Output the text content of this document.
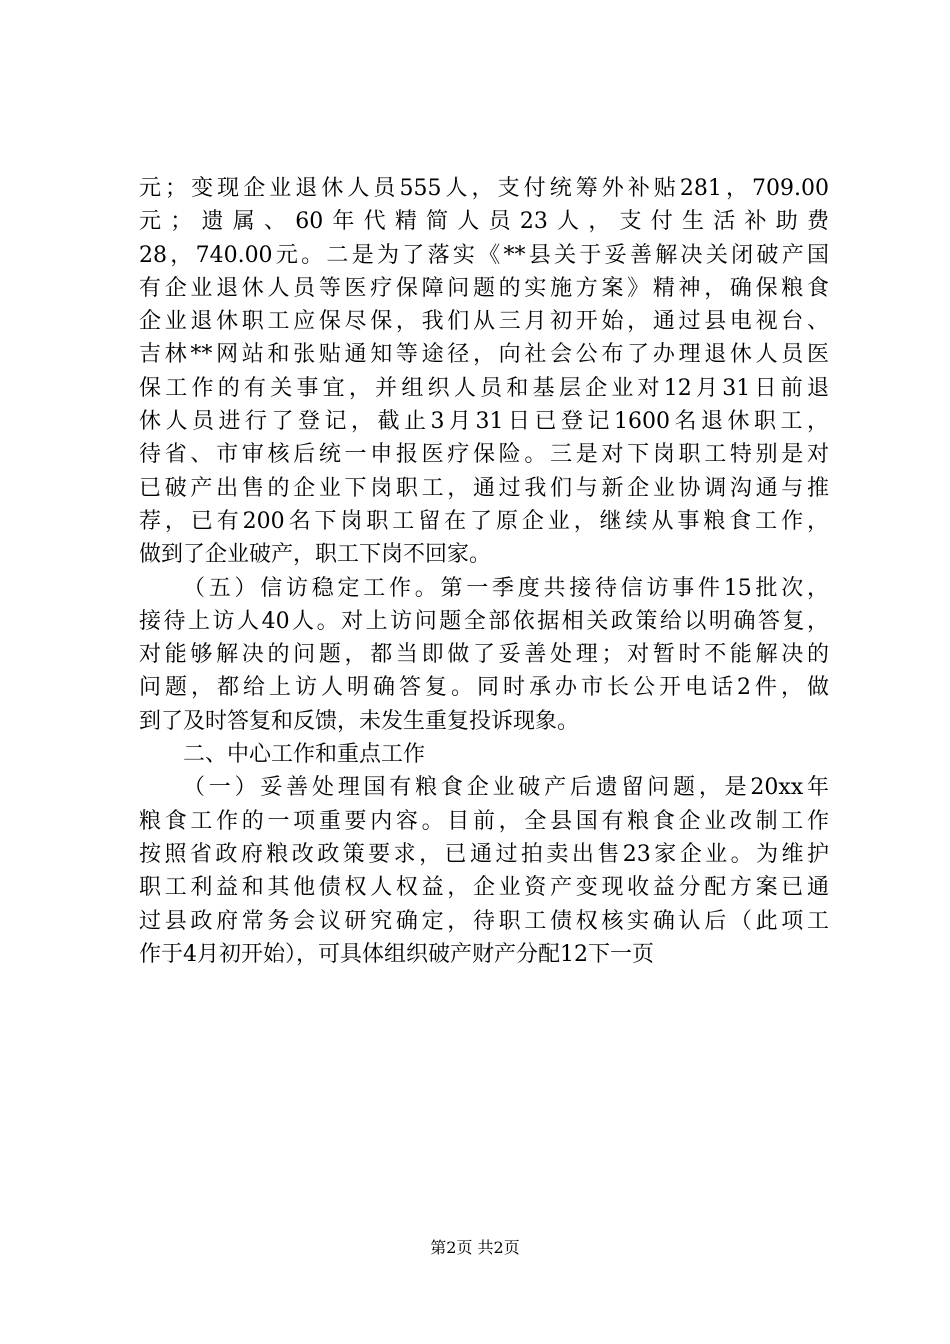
元；变现企业退休人员555人，支付统筹外补贴281，709.00
元；遗属、60年代精简人员23人，支付生活补助费
28，740.00元。二是为了落实《**县关于妥善解决关闭破产国
有企业退休人员等医疗保障问题的实施方案》精神，确保粮食
企业退休职工应保尽保，我们从三月初开始，通过县电视台、
吉林**网站和张贴通知等途径，向社会公布了办理退休人员医
保工作的有关事宜，并组织人员和基层企业对12月31日前退
休人员进行了登记，截止3月31日已登记1600名退休职工，
待省、市审核后统一申报医疗保险。三是对下岗职工特别是对
已破产出售的企业下岗职工，通过我们与新企业协调沟通与推
荐，已有200名下岗职工留在了原企业，继续从事粮食工作，
做到了企业破产，职工下岗不回家。
（五）信访稳定工作。第一季度共接待信访事件15批次，
接待上访人40人。对上访问题全部依据相关政策给以明确答复，
对能够解决的问题，都当即做了妥善处理；对暂时不能解决的
问题，都给上访人明确答复。同时承办市长公开电话2件，做
到了及时答复和反馈，未发生重复投诉现象。
二、中心工作和重点工作
（一）妥善处理国有粮食企业破产后遗留问题，是20xx年
粮食工作的一项重要内容。目前，全县国有粮食企业改制工作
按照省政府粮改政策要求，已通过拍卖出售23家企业。为维护
职工利益和其他债权人权益，企业资产变现收益分配方案已通
过县政府常务会议研究确定，待职工债权核实确认后（此项工
作于4月初开始），可具体组织破产财产分配12下一页
第2页 共2页
